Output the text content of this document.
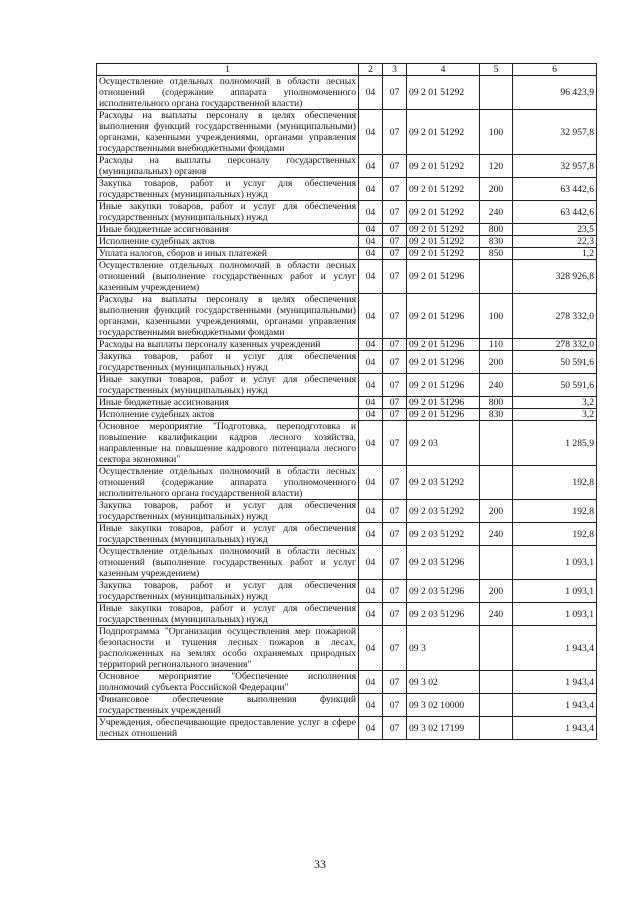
1	2	3	4	5	6
Осуществление отдельных полномочий в области лесных отношений (содержание аппарата уполномоченного исполнительного органа государственной власти)	04	07	09 2 01 51292		96 423,9
Расходы на выплаты персоналу в целях обеспечения выполнения функций государственными (муниципальными) органами, казенными учреждениями, органами управления государственными внебюджетными фондами	04	07	09 2 01 51292	100	32 957,8
Расходы на выплаты персоналу государственных (муниципальных) органов	04	07	09 2 01 51292	120	32 957,8
Закупка товаров, работ и услуг для обеспечения государственных (муниципальных) нужд	04	07	09 2 01 51292	200	63 442,6
Иные закупки товаров, работ и услуг для обеспечения государственных (муниципальных) нужд	04	07	09 2 01 51292	240	63 442,6
Иные бюджетные ассигнования	04	07	09 2 01 51292	800	23,5
Исполнение судебных актов	04	07	09 2 01 51292	830	22,3
Уплата налогов, сборов и иных платежей	04	07	09 2 01 51292	850	1,2
Осуществление отдельных полномочий в области лесных отношений (выполнение государственных работ и услуг казенным учреждением)	04	07	09 2 01 51296		328 926,8
Расходы на выплаты персоналу в целях обеспечения выполнения функций государственными (муниципальными) органами, казенными учреждениями, органами управления государственными внебюджетными фондами	04	07	09 2 01 51296	100	278 332,0
Расходы на выплаты персоналу казенных учреждений	04	07	09 2 01 51296	110	278 332,0
Закупка товаров, работ и услуг для обеспечения государственных (муниципальных) нужд	04	07	09 2 01 51296	200	50 591,6
Иные закупки товаров, работ и услуг для обеспечения государственных (муниципальных) нужд	04	07	09 2 01 51296	240	50 591,6
Иные бюджетные ассигнования	04	07	09 2 01 51296	800	3,2
Исполнение судебных актов	04	07	09 2 01 51296	830	3,2
Основное мероприятие "Подготовка, переподготовка и повышение квалификации кадров лесного хозяйства, направленные на повышение кадрового потенциала лесного сектора экономики"	04	07	09 2 03		1 285,9
Осуществление отдельных полномочий в области лесных отношений (содержание аппарата уполномоченного исполнительного органа государственной власти)	04	07	09 2 03 51292		192,8
Закупка товаров, работ и услуг для обеспечения государственных (муниципальных) нужд	04	07	09 2 03 51292	200	192,8
Иные закупки товаров, работ и услуг для обеспечения государственных (муниципальных) нужд	04	07	09 2 03 51292	240	192,8
Осуществление отдельных полномочий в области лесных отношений (выполнение государственных работ и услуг казенным учреждением)	04	07	09 2 03 51296		1 093,1
Закупка товаров, работ и услуг для обеспечения государственных (муниципальных) нужд	04	07	09 2 03 51296	200	1 093,1
Иные закупки товаров, работ и услуг для обеспечения государственных (муниципальных) нужд	04	07	09 2 03 51296	240	1 093,1
Подпрограмма "Организация осуществления мер пожарной безопасности и тушения лесных пожаров в лесах, расположенных на землях особо охраняемых природных территорий регионального значения"	04	07	09 3		1 943,4
Основное мероприятие "Обеспечение исполнения полномочий субъекта Российской Федерации"	04	07	09 3 02		1 943,4
Финансовое обеспечение выполнения функций государственных учреждений	04	07	09 3 02 10000		1 943,4
Учреждения, обеспечивающие предоставление услуг в сфере лесных отношений	04	07	09 3 02 17199		1 943,4
33
